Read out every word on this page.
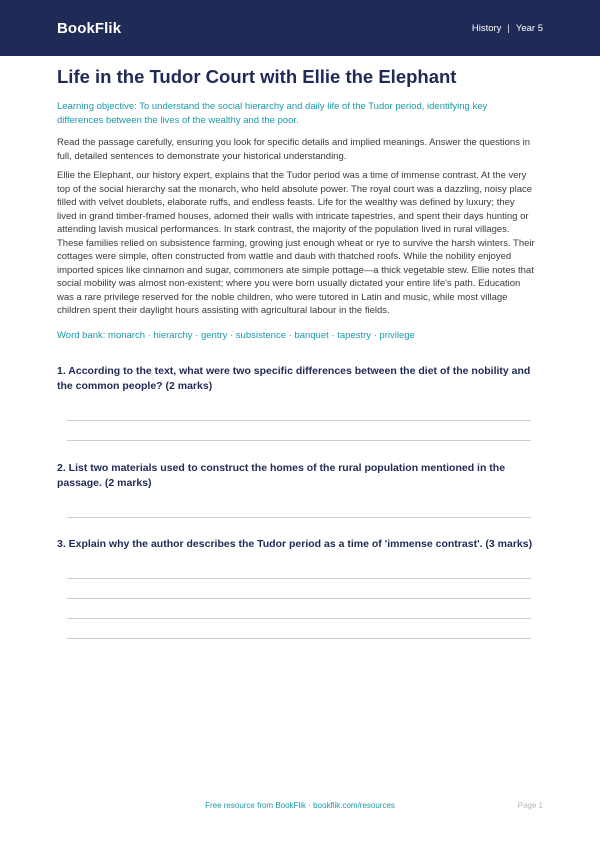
BookFlik	History | Year 5
Life in the Tudor Court with Ellie the Elephant
Learning objective: To understand the social hierarchy and daily life of the Tudor period, identifying key differences between the lives of the wealthy and the poor.
Read the passage carefully, ensuring you look for specific details and implied meanings. Answer the questions in full, detailed sentences to demonstrate your historical understanding.
Ellie the Elephant, our history expert, explains that the Tudor period was a time of immense contrast. At the very top of the social hierarchy sat the monarch, who held absolute power. The royal court was a dazzling, noisy place filled with velvet doublets, elaborate ruffs, and endless feasts. Life for the wealthy was defined by luxury; they lived in grand timber-framed houses, adorned their walls with intricate tapestries, and spent their days hunting or attending lavish musical performances. In stark contrast, the majority of the population lived in rural villages. These families relied on subsistence farming, growing just enough wheat or rye to survive the harsh winters. Their cottages were simple, often constructed from wattle and daub with thatched roofs. While the nobility enjoyed imported spices like cinnamon and sugar, commoners ate simple pottage—a thick vegetable stew. Ellie notes that social mobility was almost non-existent; where you were born usually dictated your entire life's path. Education was a rare privilege reserved for the noble children, who were tutored in Latin and music, while most village children spent their daylight hours assisting with agricultural labour in the fields.
Word bank: monarch · hierarchy · gentry · subsistence · banquet · tapestry · privilege
1. According to the text, what were two specific differences between the diet of the nobility and the common people? (2 marks)
2. List two materials used to construct the homes of the rural population mentioned in the passage. (2 marks)
3. Explain why the author describes the Tudor period as a time of 'immense contrast'. (3 marks)
Free resource from BookFlik · bookflik.com/resources	Page 1
